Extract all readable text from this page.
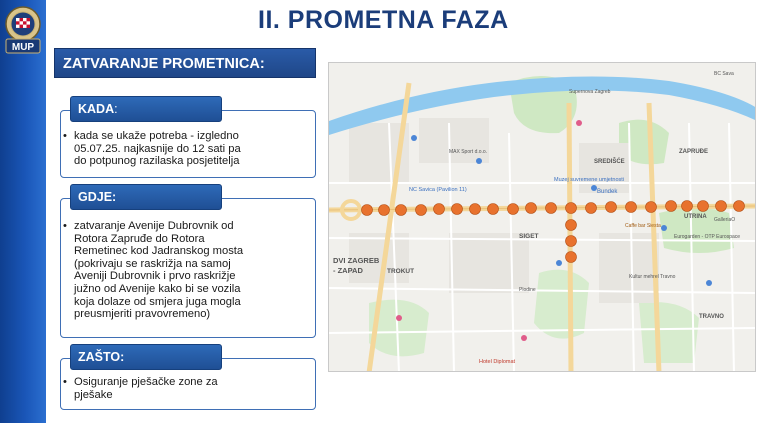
MUP
II. PROMETNA FAZA
ZATVARANJE PROMETNICA:
KADA:
• kada se ukaže potreba - izgledno
05.07.25. najkasnije do 12 sati pa
do potpunog razilaska posjetitelja
GDJE:
• zatvaranje Avenije Dubrovnik od
Rotora Zapruđe do Rotora
Remetinec kod Jadranskog mosta
(pokrivaju se raskrižja na samoj
Aveniji Dubrovnik i prvo raskrižje
južno od Avenije kako bi se vozila
koja dolaze od smjera juga mogla
preusmjeriti pravovremeno)
ZAŠTO:
• Osiguranje pješačke zone za
pješake
DVI ZAGREB
- ZAPAD	TROKUT
SIGET
SREDIŠĆE
ZAPRUĐE
UTRINA
TRAVNO
NC Savica (Pavilion 11)
Muzej suvremene umjetnosti
Bundek
Eurogarden - OTP Eurospace
Kultur mehrel Travno
Caffe bar Siesta
Supernova Zagreb
GalleriaO
MAX Sport d.o.o.
Hotel Diplomat
Plodine
BC Sava
